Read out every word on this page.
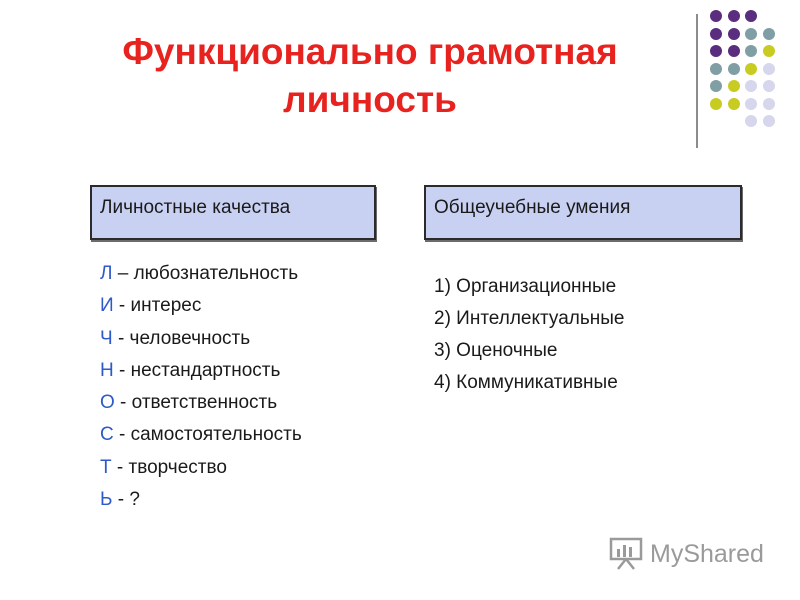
Функционально грамотная
личность
Личностные качества	Общеучебные умения
Л – любознательность
И - интерес
Ч - человечность
Н - нестандартность
О - ответственность
С - самостоятельность
Т - творчество
Ь - ?
1) Организационные
2) Интеллектуальные
3) Оценочные
4) Коммуникативные
MyShared
